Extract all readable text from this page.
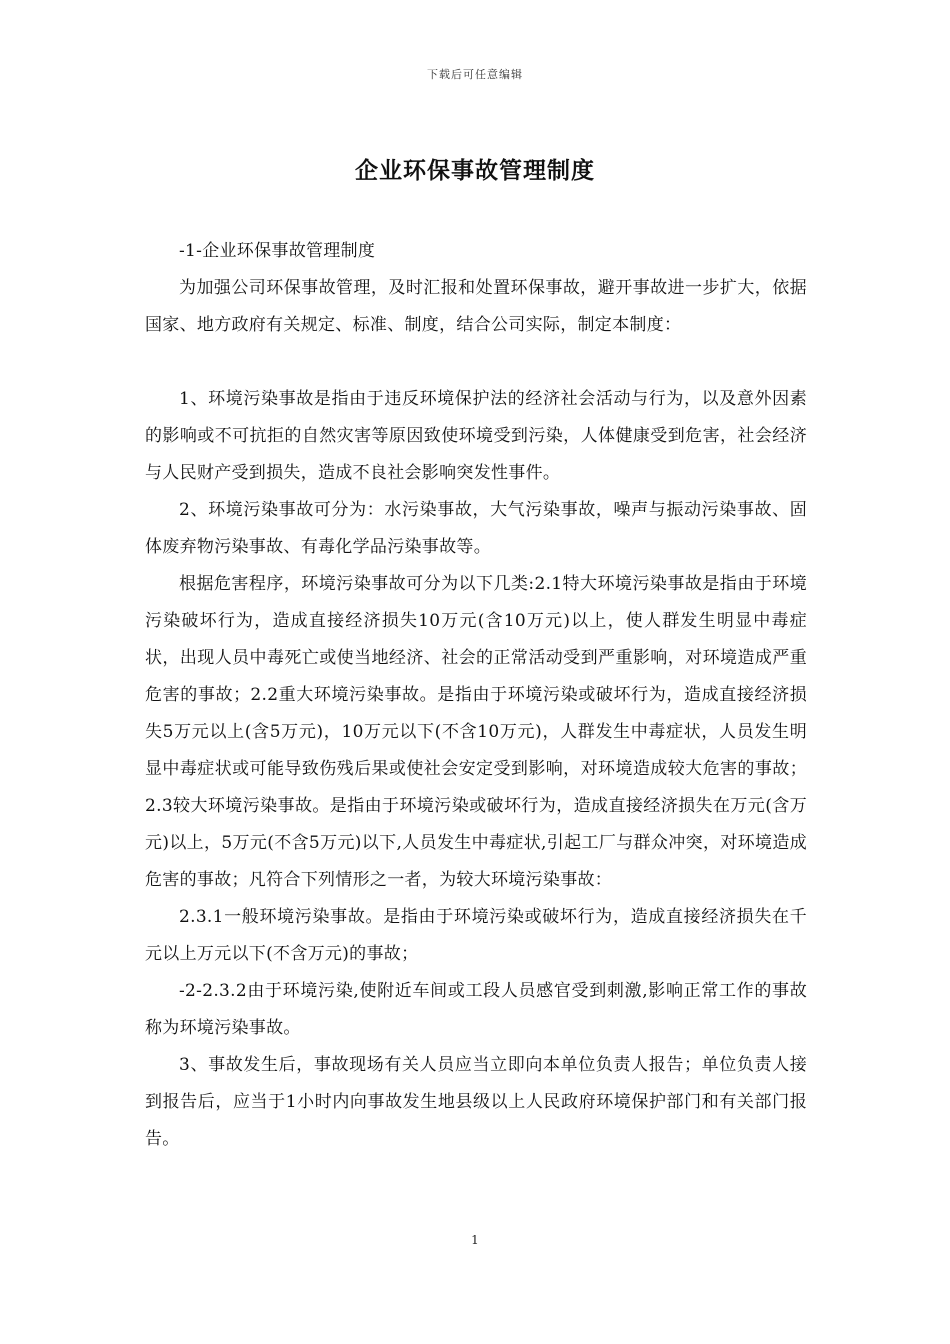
下载后可任意编辑
企业环保事故管理制度

-1-企业环保事故管理制度

为加强公司环保事故管理，及时汇报和处置环保事故，避开事故进一步扩大，依据国家、地方政府有关规定、标准、制度，结合公司实际，制定本制度：

1、环境污染事故是指由于违反环境保护法的经济社会活动与行为，以及意外因素的影响或不可抗拒的自然灾害等原因致使环境受到污染，人体健康受到危害，社会经济与人民财产受到损失，造成不良社会影响突发性事件。

2、环境污染事故可分为：水污染事故，大气污染事故，噪声与振动污染事故、固体废弃物污染事故、有毒化学品污染事故等。

根据危害程序，环境污染事故可分为以下几类:2.1特大环境污染事故是指由于环境污染破坏行为，造成直接经济损失10万元(含10万元)以上，使人群发生明显中毒症状，出现人员中毒死亡或使当地经济、社会的正常活动受到严重影响，对环境造成严重危害的事故；2.2重大环境污染事故。是指由于环境污染或破坏行为，造成直接经济损失5万元以上(含5万元)，10万元以下(不含10万元)，人群发生中毒症状，人员发生明显中毒症状或可能导致伤残后果或使社会安定受到影响，对环境造成较大危害的事故；2.3较大环境污染事故。是指由于环境污染或破坏行为，造成直接经济损失在万元(含万元)以上，5万元(不含5万元)以下,人员发生中毒症状,引起工厂与群众冲突，对环境造成危害的事故；凡符合下列情形之一者，为较大环境污染事故：

2.3.1一般环境污染事故。是指由于环境污染或破坏行为，造成直接经济损失在千元以上万元以下(不含万元)的事故；

-2-2.3.2由于环境污染,使附近车间或工段人员感官受到刺激,影响正常工作的事故称为环境污染事故。

3、事故发生后，事故现场有关人员应当立即向本单位负责人报告；单位负责人接到报告后，应当于1小时内向事故发生地县级以上人民政府环境保护部门和有关部门报告。

1
